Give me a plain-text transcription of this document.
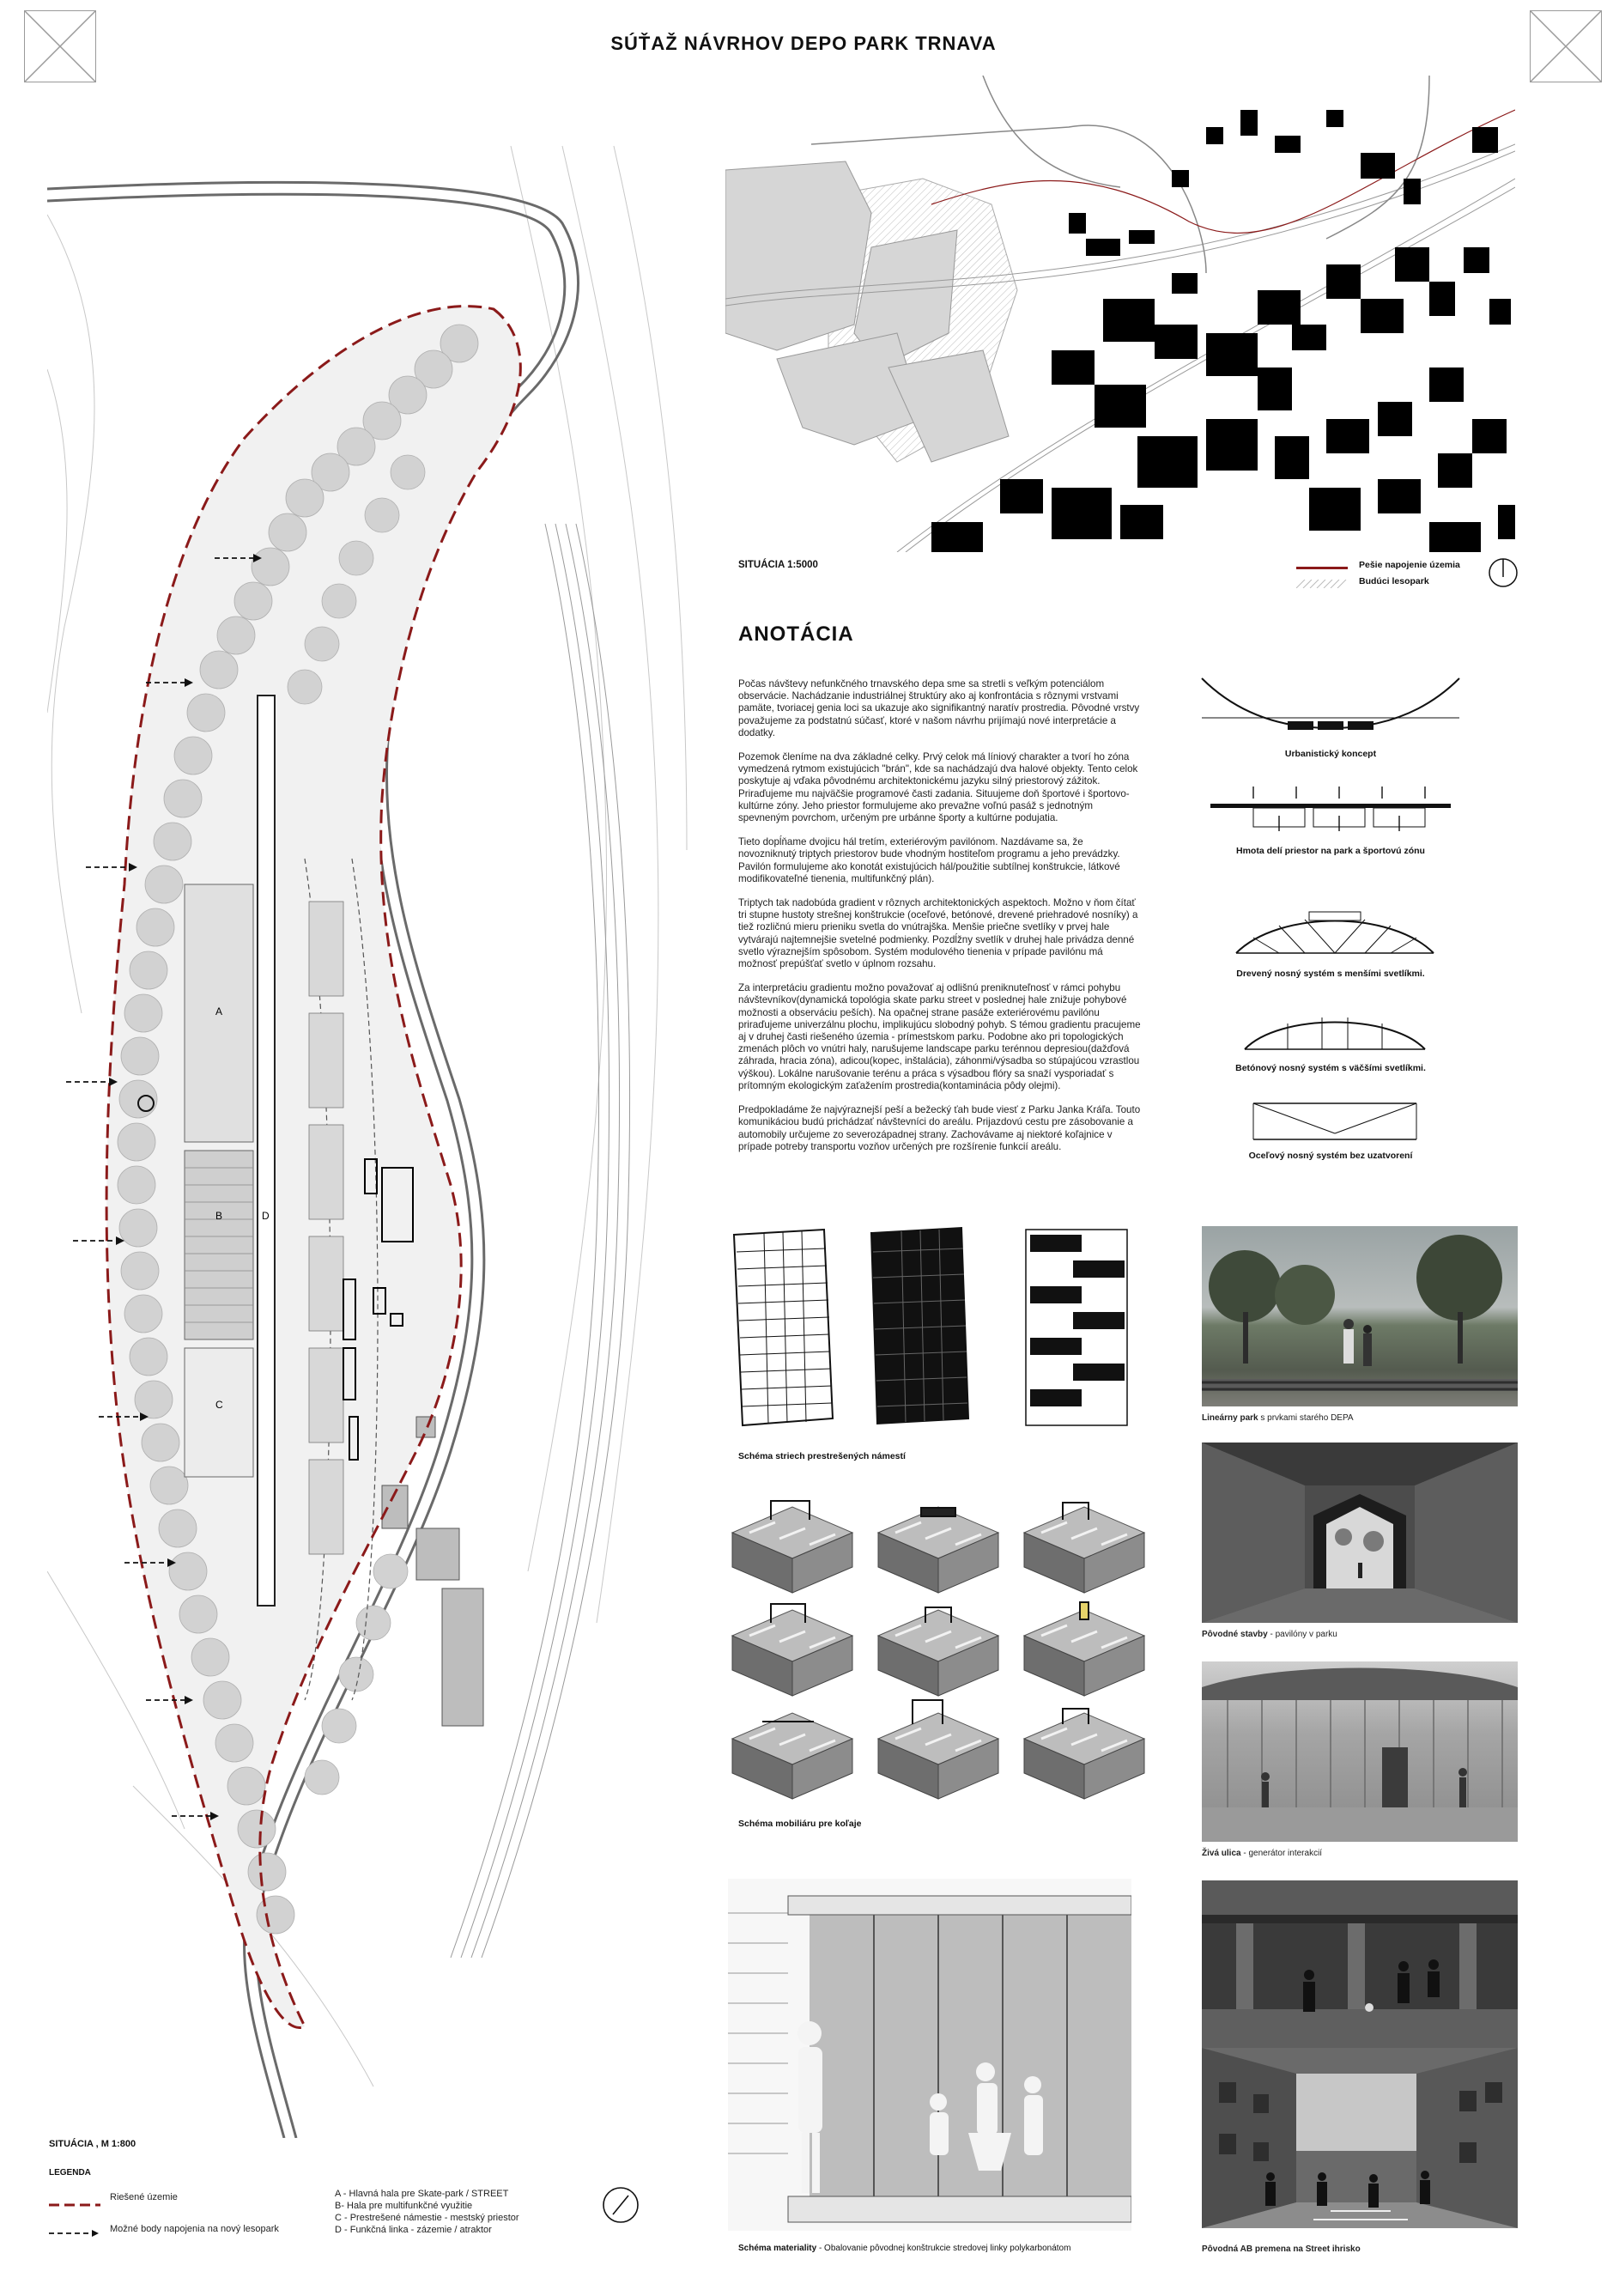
SÚŤAŽ NÁVRHOV DEPO PARK TRNAVA
A
B
C
D
SITUÁCIA , M 1:800
LEGENDA
Riešené územie
Možné body napojenia na nový lesopark
A - Hlavná hala pre Skate-park / STREET
B- Hala pre multifunkčné využitie
C - Prestrešené námestie - mestský priestor
D - Funkčná linka - zázemie / atraktor
SITUÁCIA 1:5000	Pešie napojenie územia
Budúci lesopark
ANOTÁCIA

Počas návštevy nefunkčného trnavského depa sme sa stretli s veľkým potenciálom observácie. Nachádzanie industriálnej štruktúry ako aj konfrontácia s rôznymi vrstvami pamäte, tvoriacej genia loci sa ukazuje ako signifikantný naratív prostredia. Pôvodné vrstvy považujeme za podstatnú súčasť, ktoré v našom návrhu prijímajú nové interpretácie a dodatky.

Pozemok členíme na dva základné celky. Prvý celok má líniový charakter a tvorí ho zóna vymedzená rytmom existujúcich "brán", kde sa nachádzajú dva halové objekty. Tento celok poskytuje aj vďaka pôvodnému architektonickému jazyku silný priestorový zážitok. Priraďujeme mu najväčšie programové časti zadania. Situujeme doň športové i športovo-kultúrne zóny. Jeho priestor formulujeme ako prevažne voľnú pasáž s jednotným spevneným povrchom, určeným pre urbánne športy a kultúrne podujatia.

Tieto dopĺňame dvojicu hál tretím, exteriérovým pavilónom. Nazdávame sa, že novozniknutý triptych priestorov bude vhodným hostiteľom programu a jeho prevádzky. Pavilón formulujeme ako konotát existujúcich hál/použitie subtílnej konštrukcie, látkové modifikovateľné tienenia, multifunkčný plán).

Triptych tak nadobúda gradient v rôznych architektonických aspektoch. Možno v ňom čítať tri stupne hustoty strešnej konštrukcie (oceľové, betónové, drevené priehradové nosníky) a tiež rozličnú mieru prieniku svetla do vnútrajška. Menšie priečne svetlíky v prvej hale vytvárajú najtemnejšie svetelné podmienky. Pozdĺžny svetlík v druhej hale privádza denné svetlo výraznejším spôsobom. Systém modulového tienenia v prípade pavilónu má možnosť prepúšťať svetlo v úplnom rozsahu.

Za interpretáciu gradientu možno považovať aj odlišnú preniknuteľnosť v rámci pohybu návštevníkov(dynamická topológia skate parku street v poslednej hale znižuje pohybové možnosti a observáciu peších). Na opačnej strane pasáže exteriérovému pavilónu priraďujeme univerzálnu plochu, implikujúcu slobodný pohyb. S témou gradientu pracujeme aj v druhej časti riešeného územia - prímestskom parku. Podobne ako pri topologických zmenách plôch vo vnútri haly, narušujeme landscape parku terénnou depresiou(dažďová záhrada, hracia zóna), adicou(kopec, inštalácia), záhonmi/výsadba so stúpajúcou vzrastlou výškou). Lokálne narušovanie terénu a práca s výsadbou flóry sa snaží vysporiadať s prítomným ekologickým zaťažením prostredia(kontaminácia pôdy olejmi).

Predpokladáme že najvýraznejší peší a bežecký ťah bude viesť z Parku Janka Kráľa. Touto komunikáciou budú prichádzať návštevníci do areálu. Prijazdovú cestu pre zásobovanie a automobily určujeme zo severozápadnej strany. Zachovávame aj niektoré koľajnice v prípade potreby transportu vozňov určených pre rozšírenie funkcií areálu.

Urbanistický koncept
Hmota delí priestor na park a športovú zónu
Drevený nosný systém s menšími svetlíkmi.
Betónový nosný systém s väčšími svetlíkmi.
Oceľový nosný systém bez uzatvorení
Schéma striech prestrešených námestí
Schéma mobiliáru pre koľaje
Schéma materiality - Obalovanie pôvodnej konštrukcie stredovej linky polykarbonátom
Lineárny park s prvkami starého DEPA
Pôvodné stavby - pavilóny v parku
Živá ulica - generátor interakcií
Pôvodná AB premena na Street ihrisko
